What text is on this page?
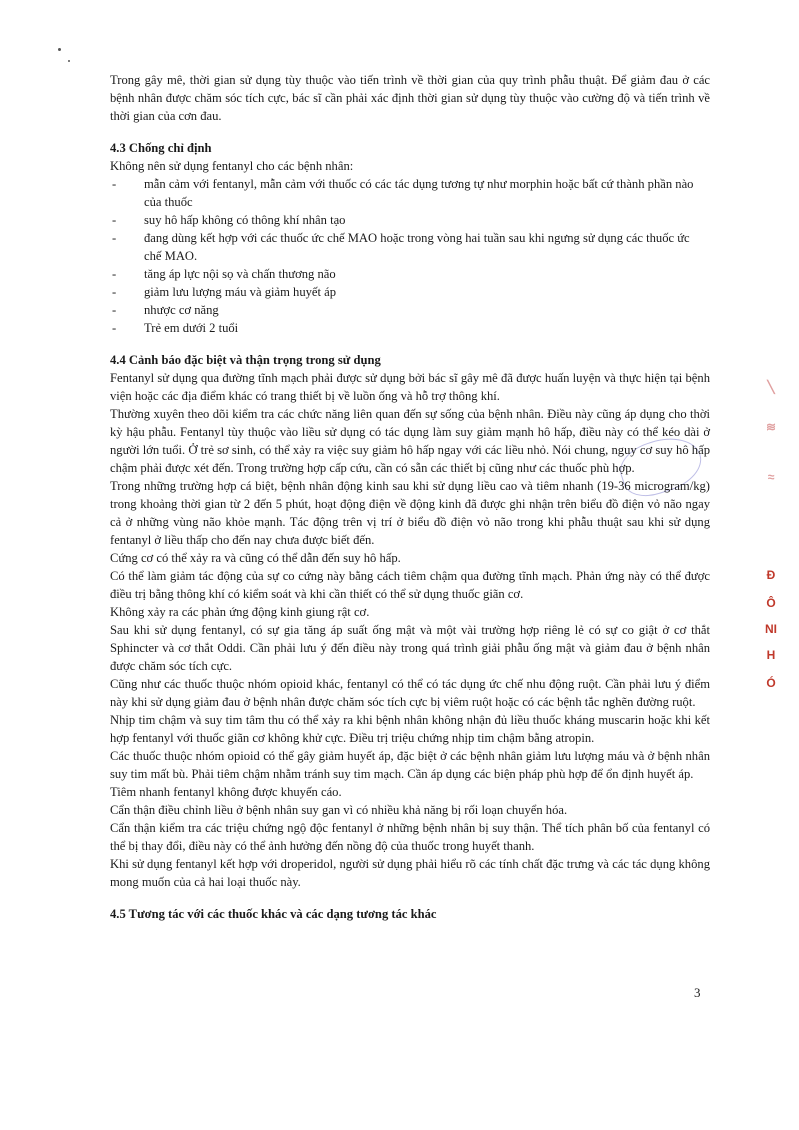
╲
≋
≈
Đ
Ô
NI
H
Ó

Trong gây mê, thời gian sử dụng tùy thuộc vào tiến trình về thời gian của quy trình phẫu thuật. Để giảm đau ở các bệnh nhân được chăm sóc tích cực, bác sĩ cần phải xác định thời gian sử dụng tùy thuộc vào cường độ và tiến trình về thời gian của cơn đau.

4.3 Chống chỉ định

Không nên sử dụng fentanyl cho các bệnh nhân:

- mẫn cảm với fentanyl, mẫn cảm với thuốc có các tác dụng tương tự như morphin hoặc bất cứ thành phần nào của thuốc
- suy hô hấp không có thông khí nhân tạo
- đang dùng kết hợp với các thuốc ức chế MAO hoặc trong vòng hai tuần sau khi ngưng sử dụng các thuốc ức chế MAO.
- tăng áp lực nội sọ và chấn thương não
- giảm lưu lượng máu và giảm huyết áp
- nhược cơ năng
- Trẻ em dưới 2 tuổi

4.4 Cảnh báo đặc biệt và thận trọng trong sử dụng

Fentanyl sử dụng qua đường tĩnh mạch phải được sử dụng bởi bác sĩ gây mê đã được huấn luyện và thực hiện tại bệnh viện hoặc các địa điểm khác có trang thiết bị về luồn ống và hỗ trợ thông khí.

Thường xuyên theo dõi kiểm tra các chức năng liên quan đến sự sống của bệnh nhân. Điều này cũng áp dụng cho thời kỳ hậu phẫu. Fentanyl tùy thuộc vào liều sử dụng có tác dụng làm suy giảm mạnh hô hấp, điều này có thể kéo dài ở người lớn tuổi. Ở trẻ sơ sinh, có thể xảy ra việc suy giảm hô hấp ngay với các liều nhỏ. Nói chung, nguy cơ suy hô hấp chậm phải được xét đến. Trong trường hợp cấp cứu, cần có sẵn các thiết bị cũng như các thuốc phù hợp.

Trong những trường hợp cá biệt, bệnh nhân động kinh sau khi sử dụng liều cao và tiêm nhanh (19-36 microgram/kg) trong khoảng thời gian từ 2 đến 5 phút, hoạt động điện về động kinh đã được ghi nhận trên biểu đồ điện vỏ não ngay cả ở những vùng não khỏe mạnh. Tác động trên vị trí ở biểu đồ điện vỏ não trong khi phẫu thuật sau khi sử dụng fentanyl ở liều thấp cho đến nay chưa được biết đến.

Cứng cơ có thể xảy ra và cũng có thể dẫn đến suy hô hấp.

Có thể làm giảm tác động của sự co cứng này bằng cách tiêm chậm qua đường tĩnh mạch. Phản ứng này có thể được điều trị bằng thông khí có kiểm soát và khi cần thiết có thể sử dụng thuốc giãn cơ.

Không xảy ra các phản ứng động kinh giung rật cơ.

Sau khi sử dụng fentanyl, có sự gia tăng áp suất ống mật và một vài trường hợp riêng lẻ có sự co giật ở cơ thắt Sphincter và cơ thắt Oddi. Cần phải lưu ý đến điều này trong quá trình giải phẫu ống mật và giảm đau ở bệnh nhân được chăm sóc tích cực.

Cũng như các thuốc thuộc nhóm opioid khác, fentanyl có thể có tác dụng ức chế nhu động ruột. Cần phải lưu ý điểm này khi sử dụng giảm đau ở bệnh nhân được chăm sóc tích cực bị viêm ruột hoặc có các bệnh tắc nghẽn đường ruột.

Nhịp tim chậm và suy tim tâm thu có thể xảy ra khi bệnh nhân không nhận đủ liều thuốc kháng muscarin hoặc khi kết hợp fentanyl với thuốc giãn cơ không khử cực. Điều trị triệu chứng nhịp tim chậm bằng atropin.

Các thuốc thuộc nhóm opioid có thể gây giảm huyết áp, đặc biệt ở các bệnh nhân giảm lưu lượng máu và ở bệnh nhân suy tim mất bù. Phải tiêm chậm nhằm tránh suy tim mạch. Cần áp dụng các biện pháp phù hợp để ổn định huyết áp.

Tiêm nhanh fentanyl không được khuyến cáo.

Cẩn thận điều chỉnh liều ở bệnh nhân suy gan vì có nhiều khả năng bị rối loạn chuyển hóa.

Cẩn thận kiểm tra các triệu chứng ngộ độc fentanyl ở những bệnh nhân bị suy thận. Thể tích phân bố của fentanyl có thể bị thay đổi, điều này có thể ảnh hưởng đến nồng độ của thuốc trong huyết thanh.

Khi sử dụng fentanyl kết hợp với droperidol, người sử dụng phải hiểu rõ các tính chất đặc trưng và các tác dụng không mong muốn của cả hai loại thuốc này.

4.5 Tương tác với các thuốc khác và các dạng tương tác khác

3
